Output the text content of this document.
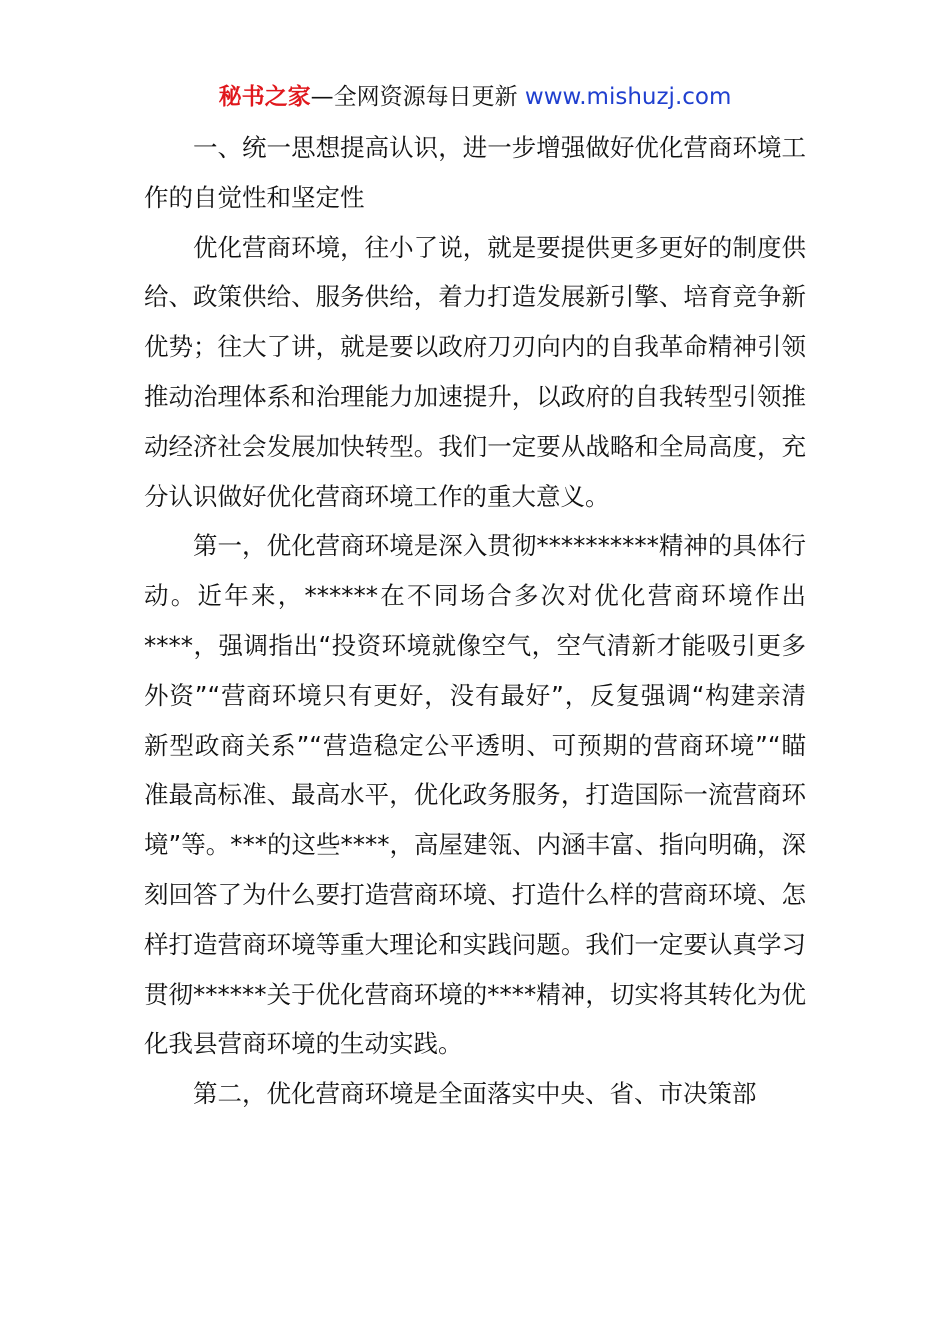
秘书之家—全网资源每日更新 www.mishuzj.com

一、统一思想提高认识，进一步增强做好优化营商环境工作的自觉性和坚定性

优化营商环境，往小了说，就是要提供更多更好的制度供给、政策供给、服务供给，着力打造发展新引擎、培育竞争新优势；往大了讲，就是要以政府刀刃向内的自我革命精神引领推动治理体系和治理能力加速提升，以政府的自我转型引领推动经济社会发展加快转型。我们一定要从战略和全局高度，充分认识做好优化营商环境工作的重大意义。

第一，优化营商环境是深入贯彻**********精神的具体行动。近年来，******在不同场合多次对优化营商环境作出****，强调指出“投资环境就像空气，空气清新才能吸引更多外资”“营商环境只有更好，没有最好”，反复强调“构建亲清新型政商关系”“营造稳定公平透明、可预期的营商环境”“瞄准最高标准、最高水平，优化政务服务，打造国际一流营商环境”等。***的这些****，高屋建瓴、内涵丰富、指向明确，深刻回答了为什么要打造营商环境、打造什么样的营商环境、怎样打造营商环境等重大理论和实践问题。我们一定要认真学习贯彻******关于优化营商环境的****精神，切实将其转化为优化我县营商环境的生动实践。

第二，优化营商环境是全面落实中央、省、市决策部
